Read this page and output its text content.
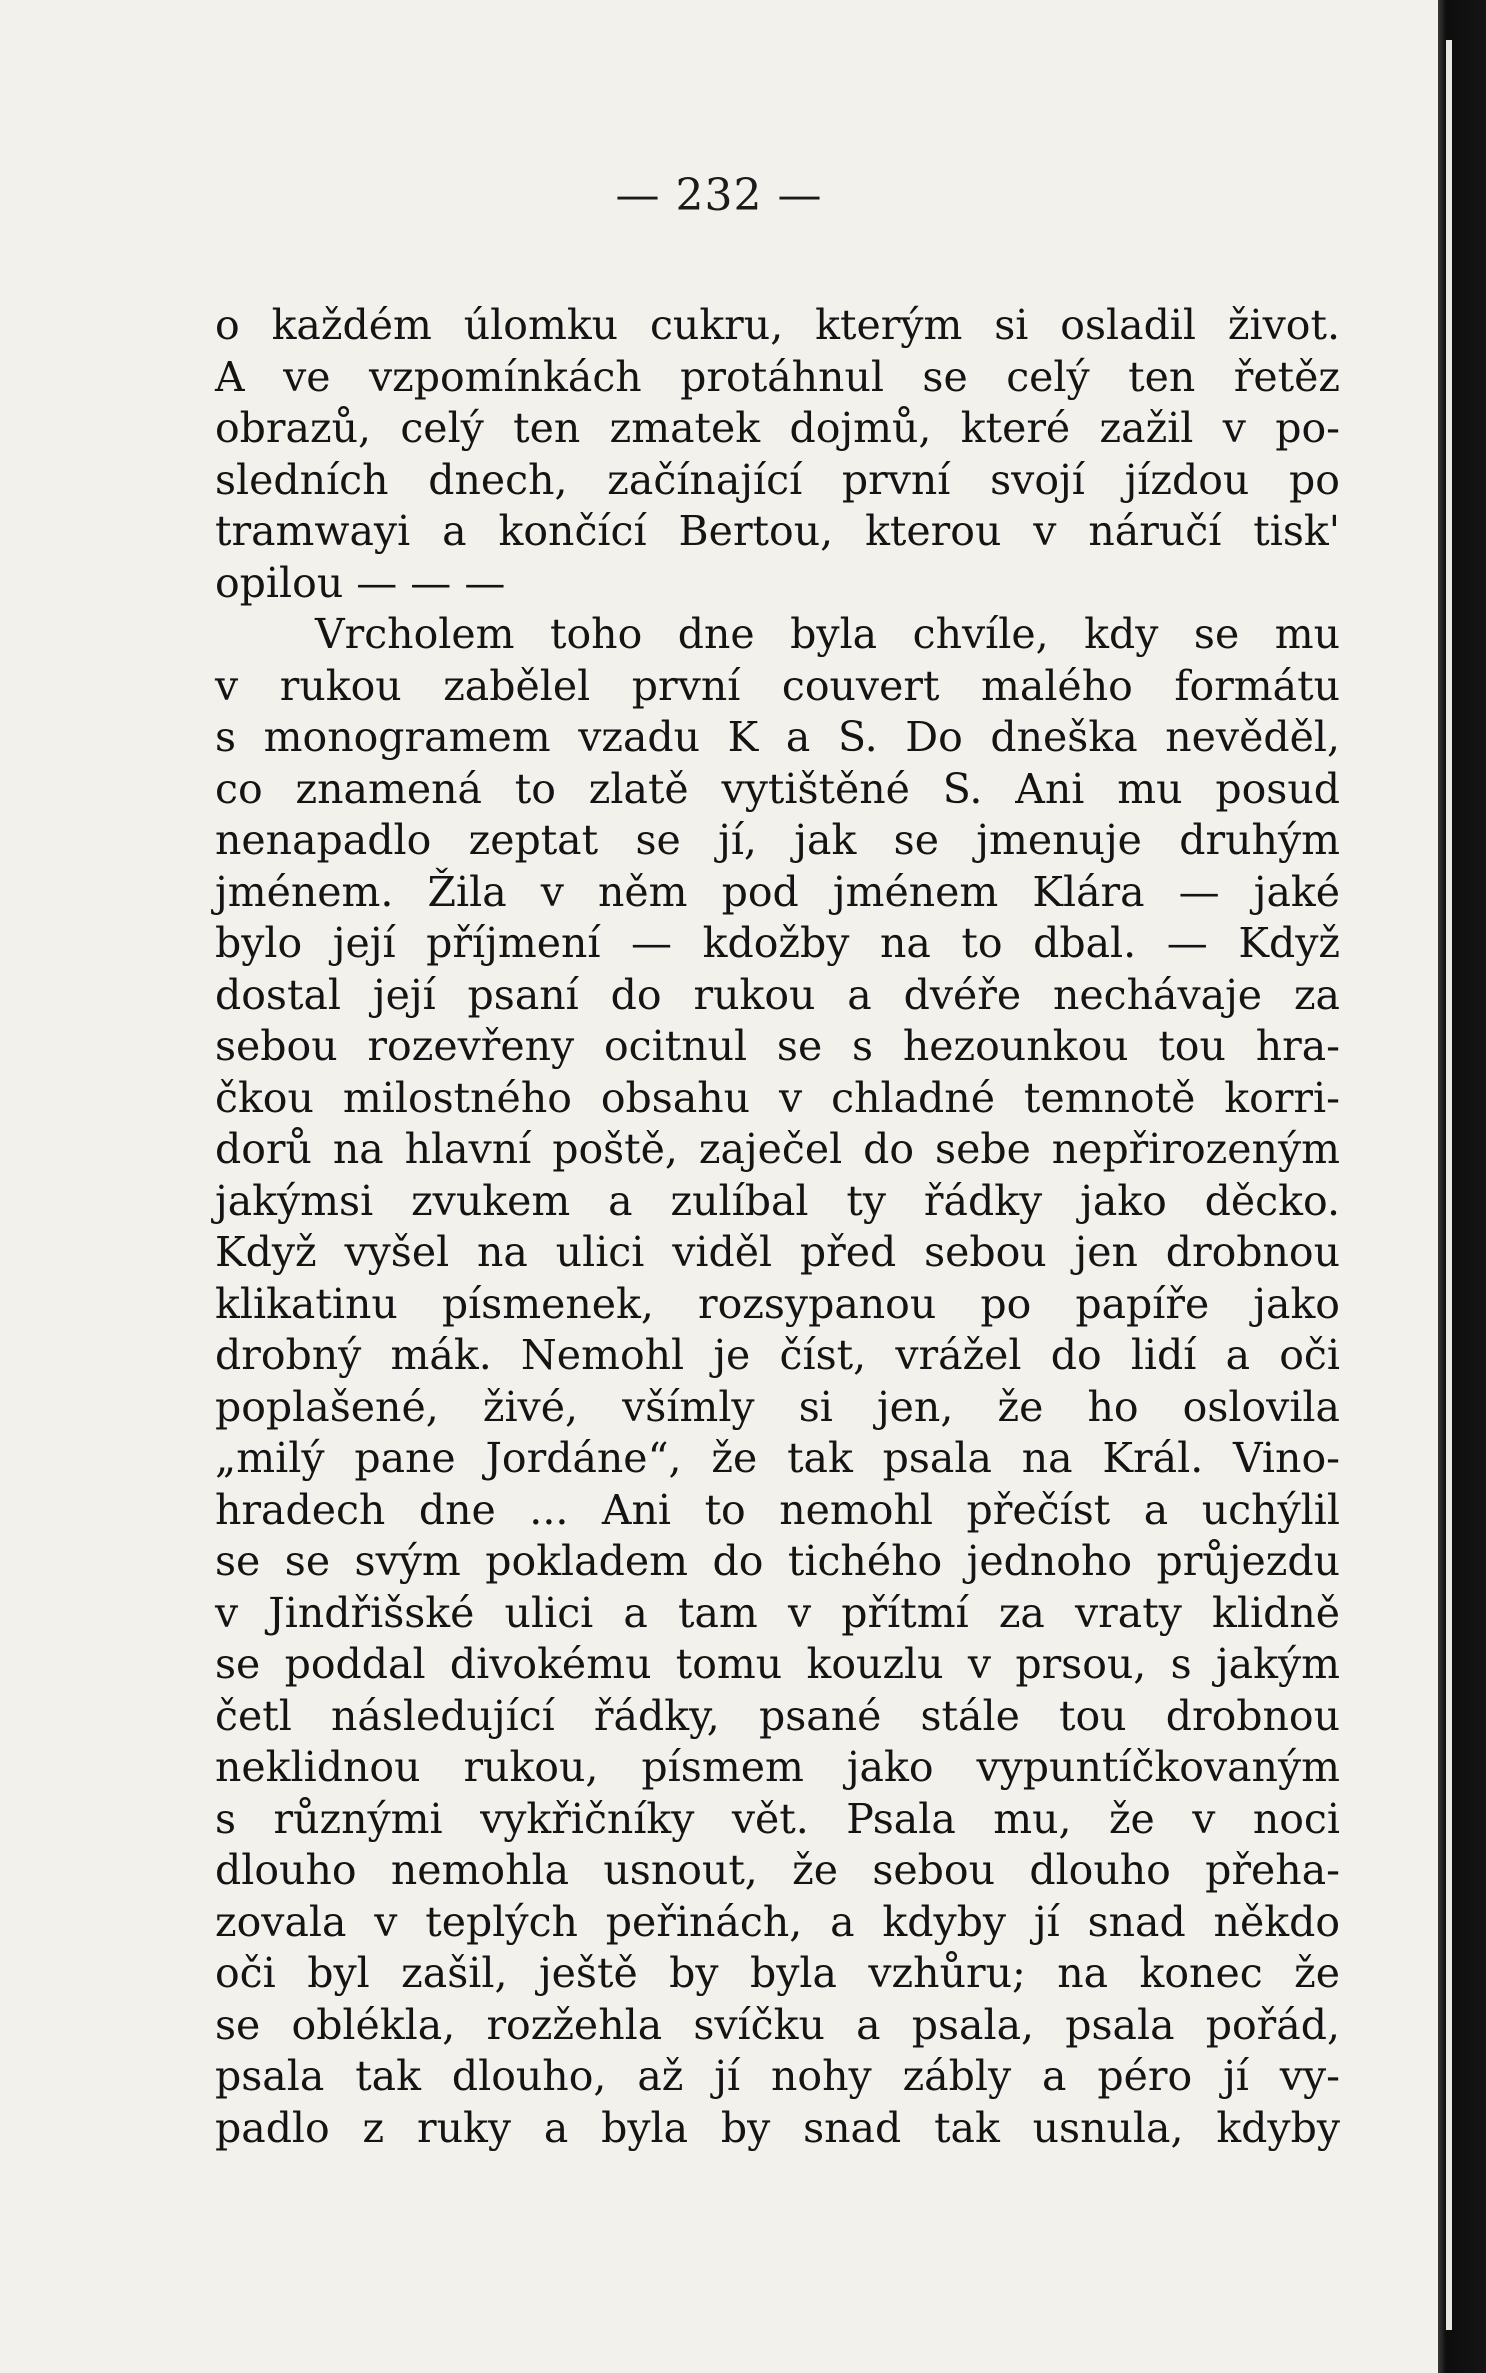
— 232 —
o každém úlomku cukru, kterým si osladil život.
A ve vzpomínkách protáhnul se celý ten řetěz
obrazů, celý ten zmatek dojmů, které zažil v po-
sledních dnech, začínající první svojí jízdou po
tramwayi a končící Bertou, kterou v náručí tisk'
opilou — — —
Vrcholem toho dne byla chvíle, kdy se mu
v rukou zabělel první couvert malého formátu
s monogramem vzadu K a S. Do dneška nevěděl,
co znamená to zlatě vytištěné S. Ani mu posud
nenapadlo zeptat se jí, jak se jmenuje druhým
jménem. Žila v něm pod jménem Klára — jaké
bylo její příjmení — kdožby na to dbal. — Když
dostal její psaní do rukou a dvéře nechávaje za
sebou rozevřeny ocitnul se s hezounkou tou hra-
čkou milostného obsahu v chladné temnotě korri-
dorů na hlavní poště, zaječel do sebe nepřirozeným
jakýmsi zvukem a zulíbal ty řádky jako děcko.
Když vyšel na ulici viděl před sebou jen drobnou
klikatinu písmenek, rozsypanou po papíře jako
drobný mák. Nemohl je číst, vrážel do lidí a oči
poplašené, živé, všímly si jen, že ho oslovila
„milý pane Jordáne“, že tak psala na Král. Vino-
hradech dne ... Ani to nemohl přečíst a uchýlil
se se svým pokladem do tichého jednoho průjezdu
v Jindřišské ulici a tam v přítmí za vraty klidně
se poddal divokému tomu kouzlu v prsou, s jakým
četl následující řádky, psané stále tou drobnou
neklidnou rukou, písmem jako vypuntíčkovaným
s různými vykřičníky vět. Psala mu, že v noci
dlouho nemohla usnout, že sebou dlouho přeha-
zovala v teplých peřinách, a kdyby jí snad někdo
oči byl zašil, ještě by byla vzhůru; na konec že
se oblékla, rozžehla svíčku a psala, psala pořád,
psala tak dlouho, až jí nohy zábly a péro jí vy-
padlo z ruky a byla by snad tak usnula, kdyby
